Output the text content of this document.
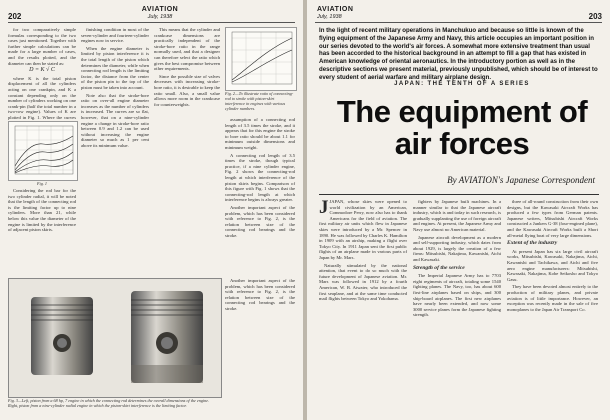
202
AVIATION
July, 1938

for two comparatively simple formulas corresponding to the two cases just mentioned. Together with further simple calculations can be made for a large number of cases, and the results plotted, and the diameter can then be stated as:

D = K √ C

where K is the total piston displacement of all the cylinders acting on one crankpin, and K a constant depending only on the number of cylinders working on one crank-pin (half the total number in a two-row engine). Values of K are plotted in Fig. 1. Where the curves

Fig. 1

Considering the rod bar for the two cylinder radial, it will be noted that the length of the connecting rod is the limiting factor up to nine cylinders. More than 21, while below this value the diameter of the engine is limited by the interference of adjacent piston skirts.

finishing condition in most of the seven-cylinder and fourteen-cylinder engines now in service.

When the engine diameter is limited by piston interference it is the total length of the piston which determines the diameter, while when connecting rod length is the limiting factor, the distance from the center of the piston pin to the top of the piston must be taken into account.

Note also that the stroke-bore ratio on over-all engine diameter increases as the number of cylinders is increased. The curves are so flat, however, that on a nine-cylinder engine a change in stroke-bore ratio between 0.9 and 1.2 can be used without increasing the engine diameter so much as 1 per cent above its minimum value.

This means that the cylinder and crankcase dimensions are practically independent of the stroke-bore ratio in the range normally used, and that a designer can therefore select the ratio which gives the best compromise between other requirements.

Since the possible size of valves decreases with increasing stroke-bore ratio, it is desirable to keep the ratio small. Also, a small value allows more room in the crankcase for counterweights.

Fig. 2—To illustrate ratio of connecting-rod to stroke with piston-skirt interference in engines with various cylinder numbers.

assumption of a connecting rod length of 3.5 times the stroke, and it appears that for this engine the stroke to bore ratio should be about 1.1 for minimum outside dimensions and minimum weight.

A connecting rod length of 3.5 times the stroke, though typical practice, if a nine cylinder engine, Fig. 2 shows the connecting-rod length at which interference of the piston skirts begins. Comparison of this figure with Fig. 1 shows that the connecting-rod length at which interference begins is always greater.

Another important aspect of the problem, which has been considered with reference to Fig. 2, is the relation between size of the connecting rod bearings and the stroke.

Fig. 3—Left, piston from a 68 hp, 7 engine in which the connecting rod determines the overall dimensions of the engine. Right, piston from a nine-cylinder radial engine in which the piston-skirt interference is the limiting factor.

Another important aspect of the problem, which has been considered with reference to Fig. 2, is the relation between size of the connecting rod bearings and the stroke.

AVIATION
July, 1938	203
In the light of recent military operations in Manchukuo and because so little is known of the flying equipment of the Japanese Army and Navy, this article occupies an important position in our series devoted to the world's air forces. A somewhat more extensive treatment than usual has been accorded to the historical background in an attempt to fill a gap that has existed in American knowledge of oriental aeronautics. In the introductory portion as well as in the descriptive sections we present material, previously unpublished, which should be of interest to every student of aerial warfare and military airplane design.
JAPAN: THE TENTH OF A SERIES
The equipment of
air forces
By AVIATION's Japanese Correspondent

JJAPAN, whose skies were opened to world civilization by an American, Commodore Perry, now also has to thank Americans for the field of aviation. The first military air units which flew in Japanese skies were introduced by a Mr. Spencer in 1890. He was followed by Charles K. Hamilton in 1909 with an airship, making a flight over Tokyo City. In 1911 Japan sent the first public flights of an airplane made in various parts of Japan by Mr. Mars.

Naturally stimulated by the national attention, that event to do so much with the future development of Japanese aviation. Mr. Mars was followed in 1912 by a fourth American, W. B. Atwater, who introduced the first seaplane, and at the same time conducted mail flights between Tokyo and Yokohama.

fighters by Japanese built machines. In a manner similar to that the Japanese aircraft industry, which is and today in such research, is gradually supplanting the use of foreign aircraft and engines. At present, the Japanese Army and Navy use almost no American material.

Japanese aircraft development as a modern and self-supporting industry, which dates from about 1929, is largely the creation of a few firms: Mitsubishi, Nakajima, Kawanishi, Aichi and Kawasaki.

Strength of the service

The Imperial Japanese Army has to 7703 eight regiments of aircraft, totaling some 1540 fighting planes. The Navy, too, has about 600 first-line airplanes based on ships, and 300 ship-board airplanes. The first new airplanes have nearly been extended, and now some 3000 service planes form the Japanese fighting strength.

three of all-round construction from their own designs, but the Kawasaki Aircraft Works has produced a few types from German patents. Japanese writers, Mitsubishi Aircraft Works constructed a Junkers G-38 (four-engined plane), and the Kawasaki Aircraft Works built a Short all-metal flying boat of very large dimensions.

Extent of the industry

At present Japan has six large civil aircraft works, Mitsubishi, Kawasaki, Nakajima, Aichi, Kawanishi and Tachikawa, and Aichi and five aero engine manufacturers: Mitsubishi, Kawasaki, Nakajima, Kobe Seikosho and Tokyo Gasu.

They have been devoted almost entirely to the production of military planes, and private aviation is of little importance. However, an exception was recently made in the sale of five monoplanes to the Japan Air Transport Co.
